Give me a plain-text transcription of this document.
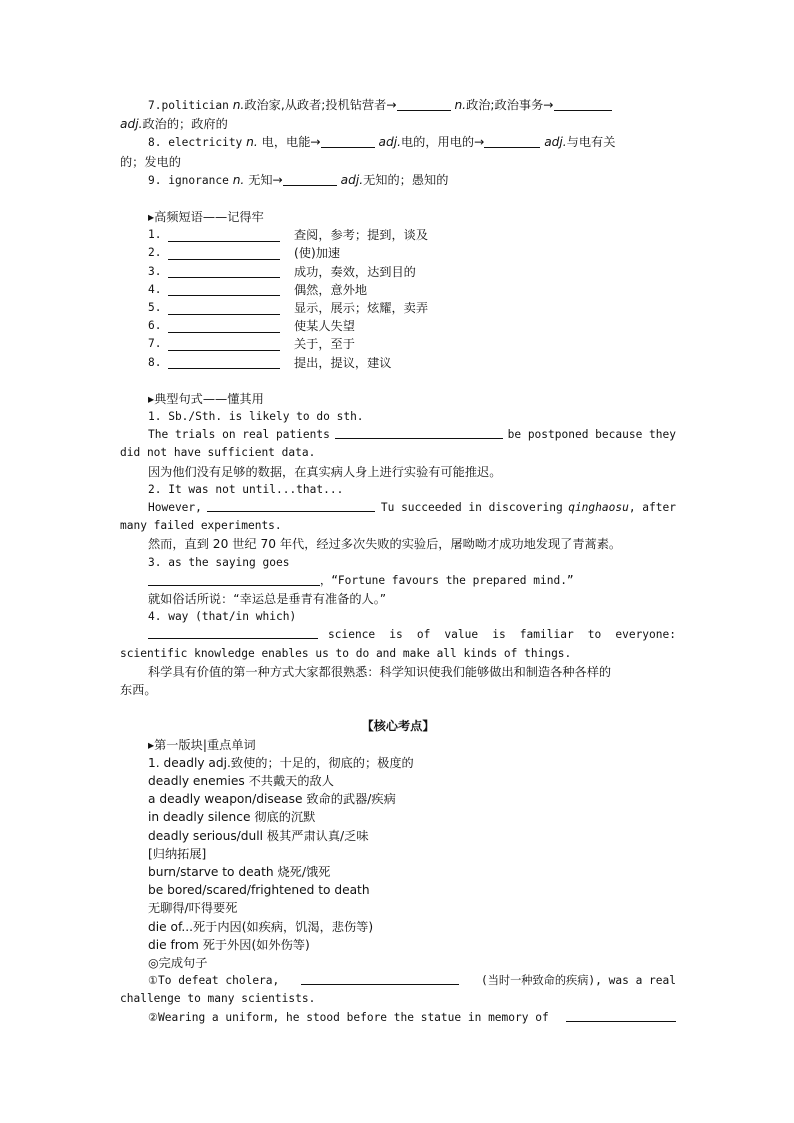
7.politician n.政治家,从政者;投机钻营者→	n.政治;政治事务→
adj.政治的；政府的
8. electricity n. 电，电能→	adj.电的，用电的→	adj.与电有关
的；发电的
9. ignorance n. 无知→	adj.无知的；愚知的
▸高频短语——记得牢
1.	查阅，参考；提到，谈及
2.	(使)加速
3.	成功，奏效，达到目的
4.	偶然，意外地
5.	显示，展示；炫耀，卖弄
6.	使某人失望
7.	关于，至于
8.	提出，提议，建议
▸典型句式——懂其用
1. Sb./Sth. is likely to do sth.
The trials on real patients	be postponed because they
did not have sufficient data.
因为他们没有足够的数据，在真实病人身上进行实验有可能推迟。
2. It was not until...that...
However,	Tu succeeded in discovering qinghaosu, after
many failed experiments.
然而，直到 20 世纪 70 年代，经过多次失败的实验后，屠呦呦才成功地发现了青蒿素。
3. as the saying goes
，“Fortune favours the prepared mind.”
就如俗话所说：“幸运总是垂青有准备的人。”
4. way (that/in which)
science is of value is familiar to everyone:
scientific knowledge enables us to do and make all kinds of things.
科学具有价值的第一种方式大家都很熟悉：科学知识使我们能够做出和制造各种各样的
东西。
【核心考点】
▸第一版块|重点单词
1. deadly adj.致使的；十足的，彻底的；极度的
deadly enemies 不共戴天的敌人
a deadly weapon/disease 致命的武器/疾病
in deadly silence 彻底的沉默
deadly serious/dull 极其严肃认真/乏味
[归纳拓展]
burn/starve to death 烧死/饿死
be bored/scared/frightened to death
无聊得/吓得要死
die of...死于内因(如疾病，饥渴，悲伤等)
die from 死于外因(如外伤等)
◎完成句子
①To defeat cholera,	(当时一种致命的疾病), was a real
challenge to many scientists.
②Wearing a uniform, he stood before the statue in memory of
